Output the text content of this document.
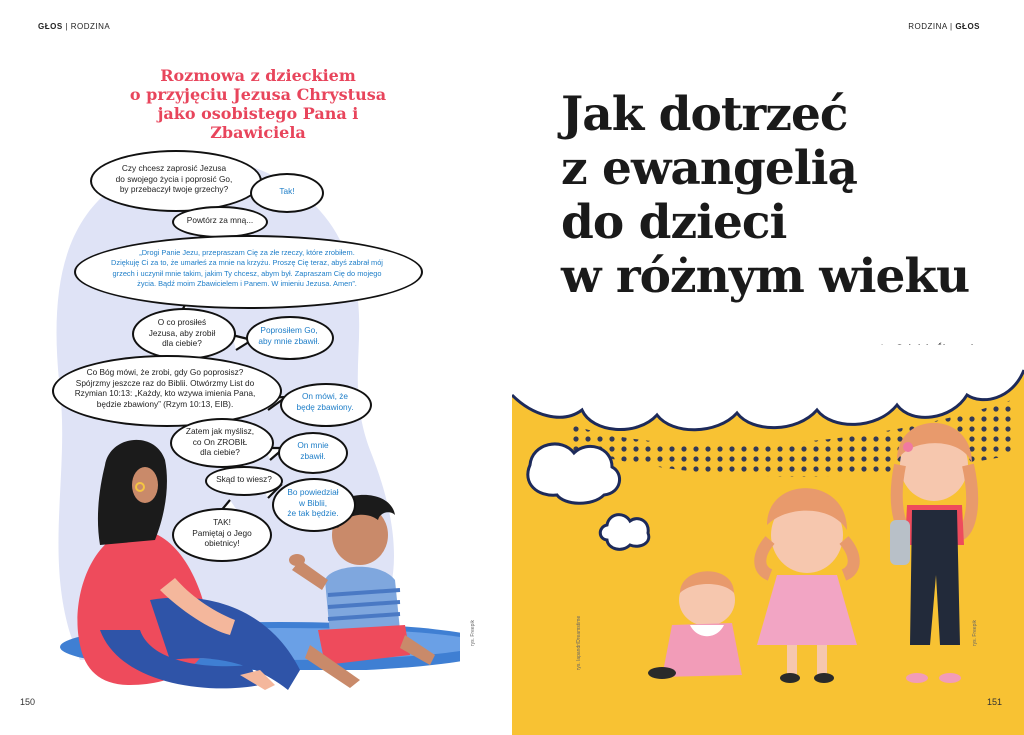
GŁOS | RODZINA
Rozmowa z dzieckiem
o przyjęciu Jezusa Chrystusa
jako osobistego Pana i Zbawiciela
Czy chcesz zaprosić Jezusa
do swojego życia i poprosić Go,
by przebaczył twoje grzechy?	Tak!
Powtórz za mną...
„Drogi Panie Jezu, przepraszam Cię za złe rzeczy, które zrobiłem.
Dziękuję Ci za to, że umarłeś za mnie na krzyżu. Proszę Cię teraz, abyś zabrał mój
grzech i uczynił mnie takim, jakim Ty chcesz, abym był. Zapraszam Cię do mojego
życia. Bądź moim Zbawicielem i Panem. W imieniu Jezusa. Amen”.
O co prosiłeś
Jezusa, aby zrobił
dla ciebie?
Poprosiłem Go,
aby mnie zbawił.
Co Bóg mówi, że zrobi, gdy Go poprosisz?
Spójrzmy jeszcze raz do Biblii. Otwórzmy List do
Rzymian 10:13: „Każdy, kto wzywa imienia Pana,
będzie zbawiony” (Rzym 10:13, EIB).
On mówi, że
będę zbawiony.
Zatem jak myślisz,
co On ZROBIŁ
dla ciebie?
On mnie
zbawił.
Skąd to wiesz?
Bo powiedział
w Biblii,
że tak będzie.
TAK!
Pamiętaj o Jego
obietnicy!
rys. Freepik
150
RODZINA | GŁOS
Jak dotrzeć
z ewangelią
do dzieci
w różnym wieku
rys. lapandr/Dreamstime	rys. Freepik
151
